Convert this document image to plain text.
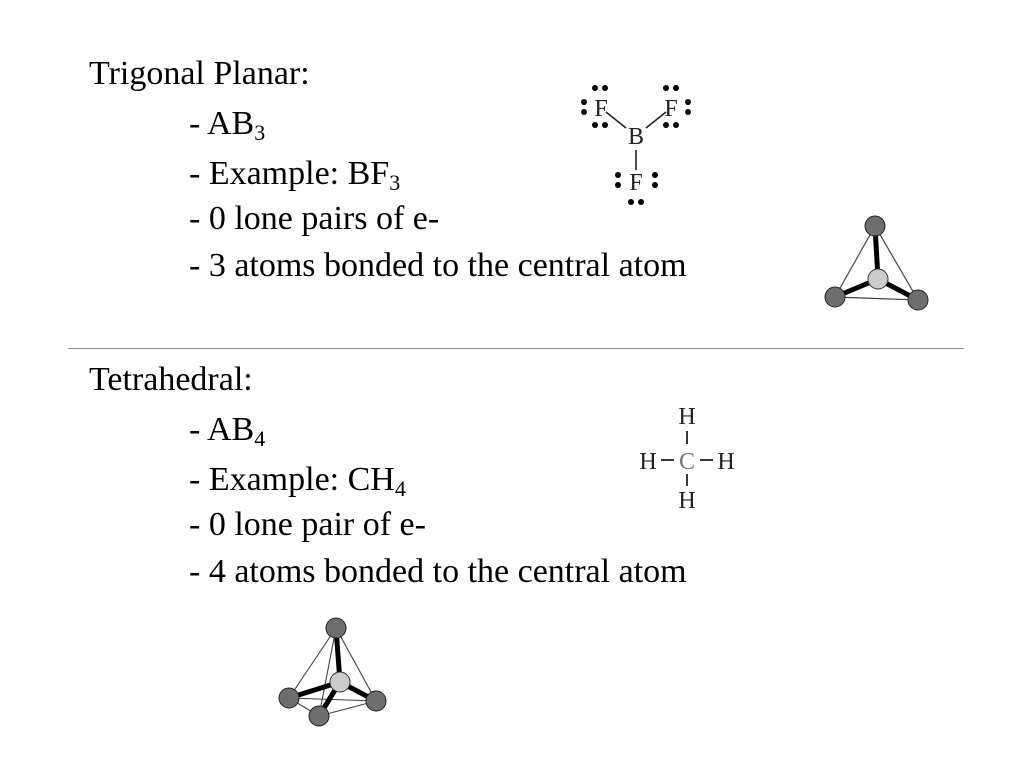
Trigonal Planar:
- $AB_3$
- Example: $BF_3$
- 0 lone pairs of e-
- 3 atoms bonded to the central atom
F F
B
F
Tetrahedral:
- $AB_4$
- Example: $CH_4$
- 0 lone pair of e-
- 4 atoms bonded to the central atom
H
H C H
H
